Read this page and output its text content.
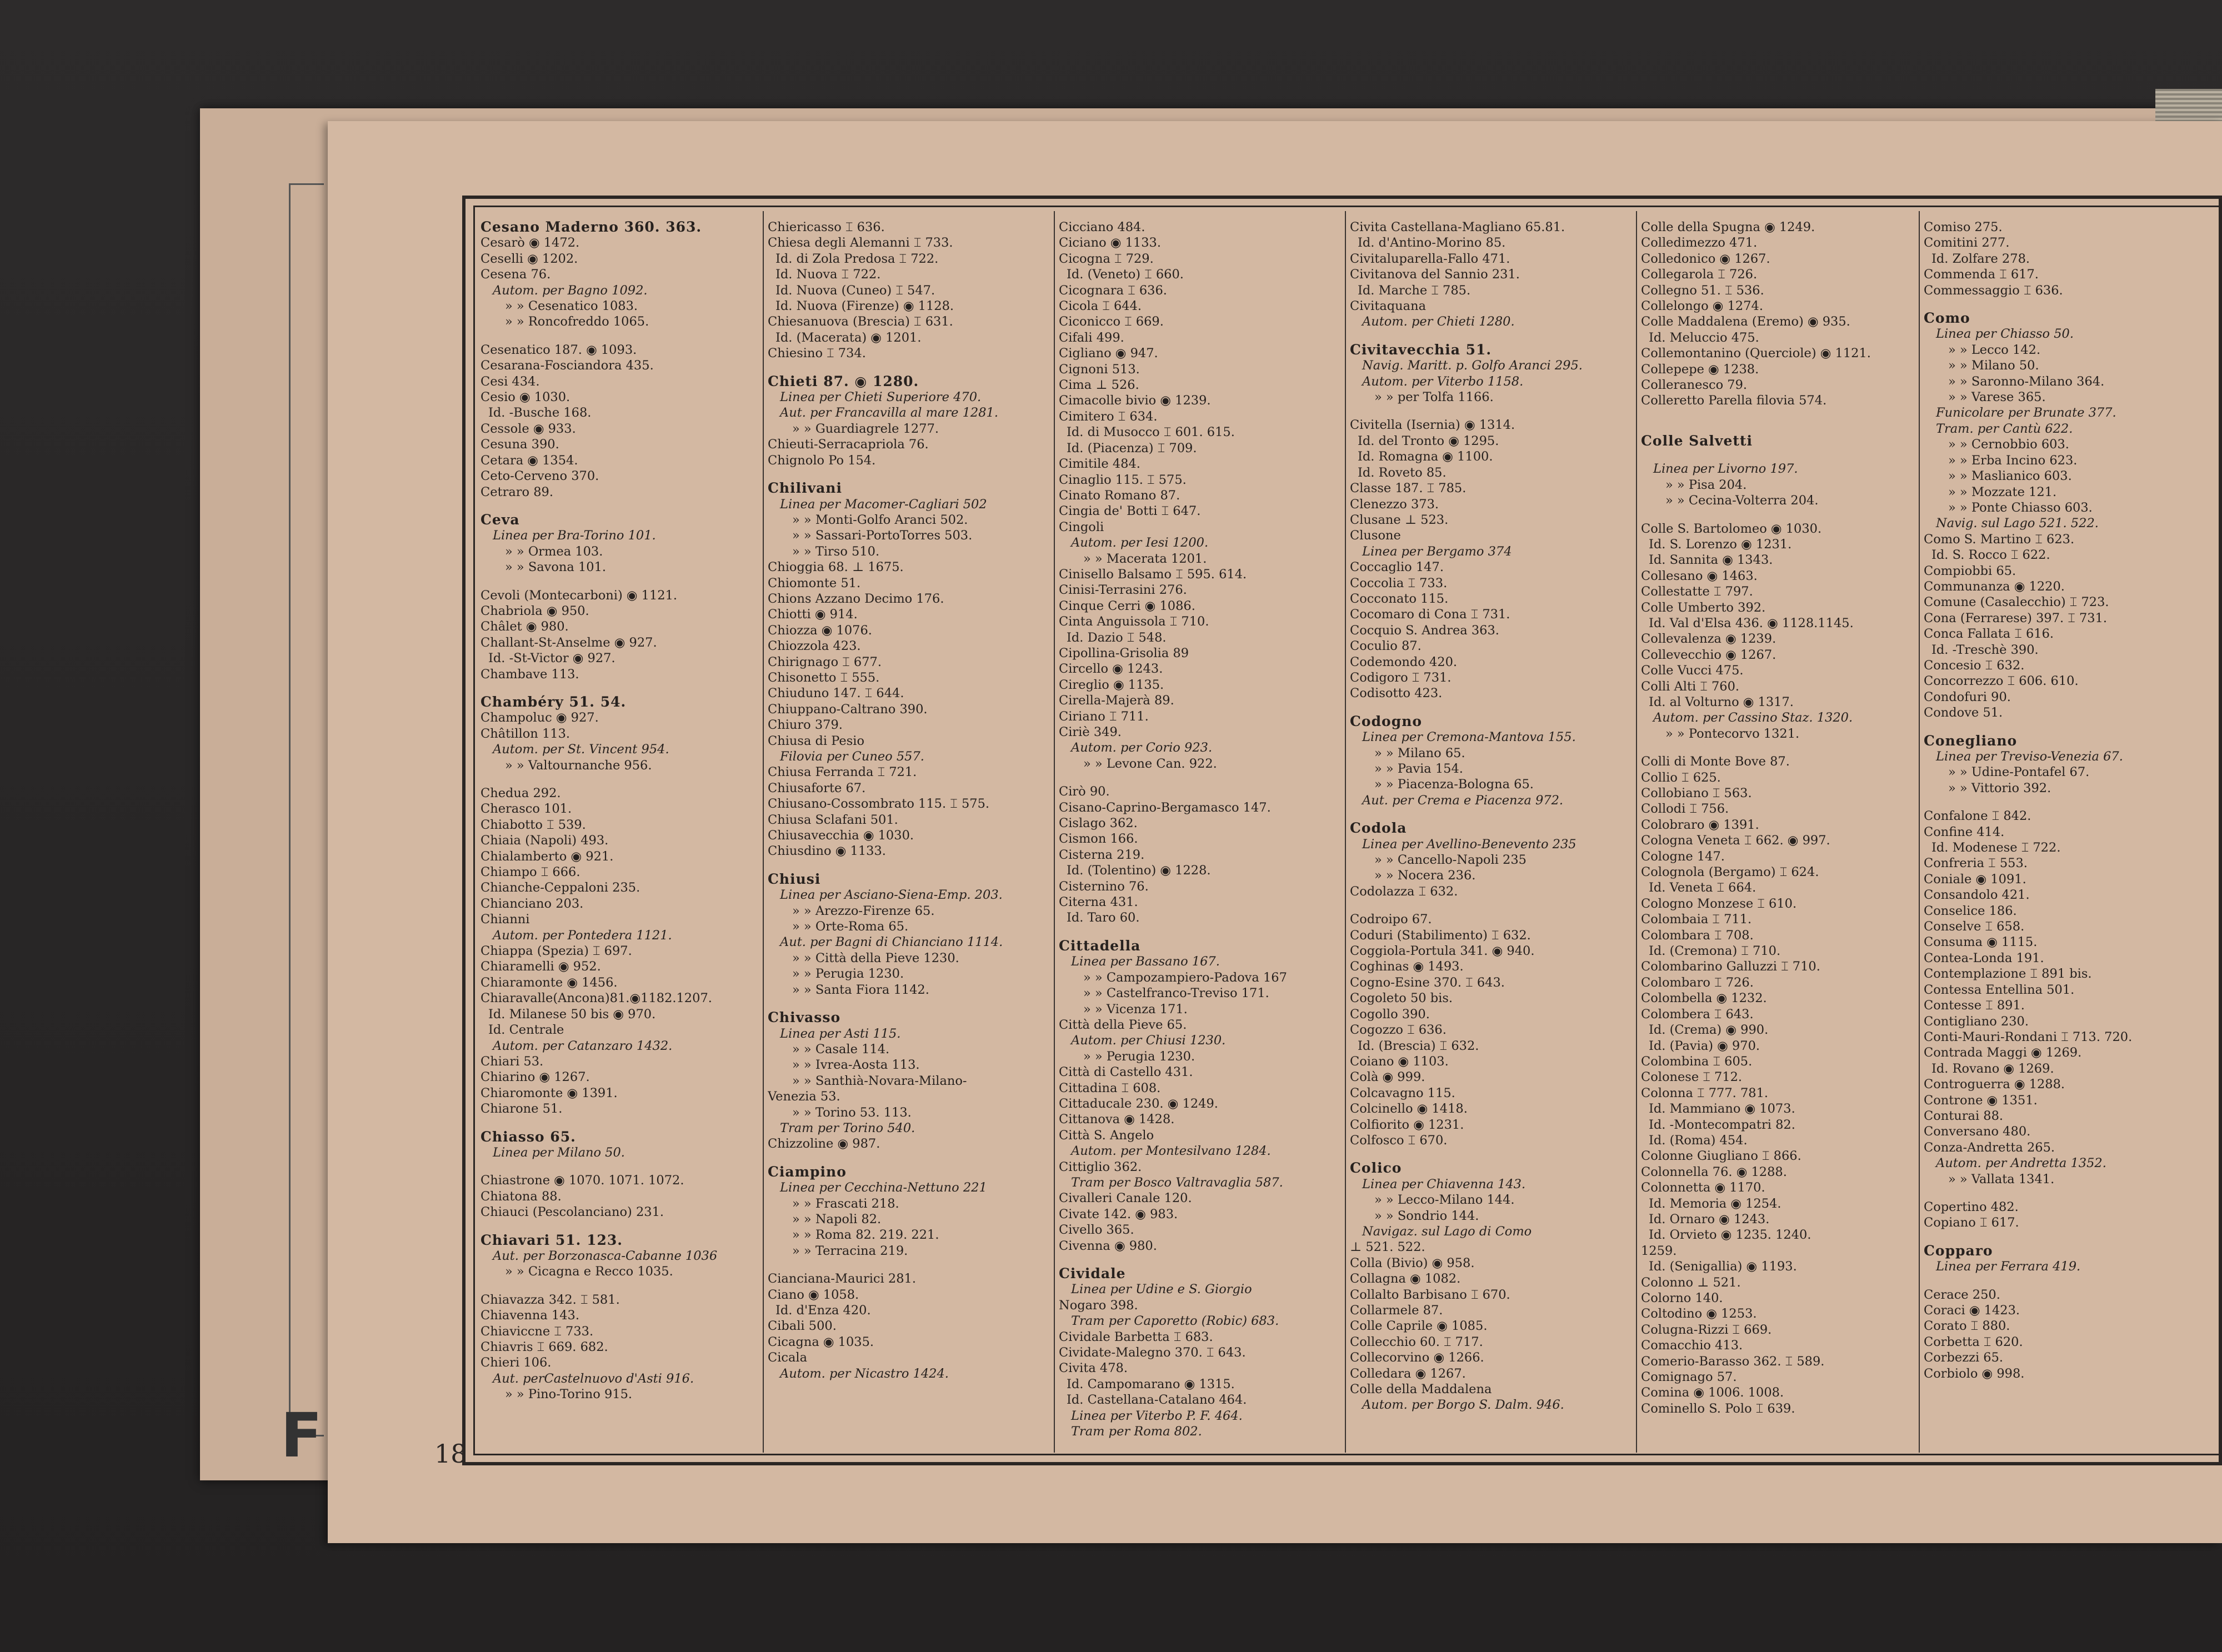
F
Cesano Maderno 360. 363.
Cesarò ◉ 1472.
Ceselli ◉ 1202.
Cesena 76.
Autom. per Bagno 1092.
» » Cesenatico 1083.
» » Roncofreddo 1065.
Cesenatico 187. ◉ 1093.
Cesarana-Fosciandora 435.
Cesi 434.
Cesio ◉ 1030.
Id. -Busche 168.
Cessole ◉ 933.
Cesuna 390.
Cetara ◉ 1354.
Ceto-Cerveno 370.
Cetraro 89.
Ceva
Linea per Bra-Torino 101.
» » Ormea 103.
» » Savona 101.
Cevoli (Montecarboni) ◉ 1121.
Chabriola ◉ 950.
Châlet ◉ 980.
Challant-St-Anselme ◉ 927.
Id. -St-Victor ◉ 927.
Chambave 113.
Chambéry 51. 54.
Champoluc ◉ 927.
Châtillon 113.
Autom. per St. Vincent 954.
» » Valtournanche 956.
Chedua 292.
Cherasco 101.
Chiabotto ⌶ 539.
Chiaia (Napoli) 493.
Chialamberto ◉ 921.
Chiampo ⌶ 666.
Chianche-Ceppaloni 235.
Chianciano 203.
Chianni
Autom. per Pontedera 1121.
Chiappa (Spezia) ⌶ 697.
Chiaramelli ◉ 952.
Chiaramonte ◉ 1456.
Chiaravalle(Ancona)81.◉1182.1207.
Id. Milanese 50 bis ◉ 970.
Id. Centrale
Autom. per Catanzaro 1432.
Chiari 53.
Chiarino ◉ 1267.
Chiaromonte ◉ 1391.
Chiarone 51.
Chiasso 65.
Linea per Milano 50.
Chiastrone ◉ 1070. 1071. 1072.
Chiatona 88.
Chiauci (Pescolanciano) 231.
Chiavari 51. 123.
Aut. per Borzonasca-Cabanne 1036
» » Cicagna e Recco 1035.
Chiavazza 342. ⌶ 581.
Chiavenna 143.
Chiaviccne ⌶ 733.
Chiavris ⌶ 669. 682.
Chieri 106.
Aut. perCastelnuovo d'Asti 916.
» » Pino-Torino 915.
Chiericasso ⌶ 636.
Chiesa degli Alemanni ⌶ 733.
Id. di Zola Predosa ⌶ 722.
Id. Nuova ⌶ 722.
Id. Nuova (Cuneo) ⌶ 547.
Id. Nuova (Firenze) ◉ 1128.
Chiesanuova (Brescia) ⌶ 631.
Id. (Macerata) ◉ 1201.
Chiesino ⌶ 734.
Chieti 87. ◉ 1280.
Linea per Chieti Superiore 470.
Aut. per Francavilla al mare 1281.
» » Guardiagrele 1277.
Chieuti-Serracapriola 76.
Chignolo Po 154.
Chilivani
Linea per Macomer-Cagliari 502
» » Monti-Golfo Aranci 502.
» » Sassari-PortoTorres 503.
» » Tirso 510.
Chioggia 68. ⊥ 1675.
Chiomonte 51.
Chions Azzano Decimo 176.
Chiotti ◉ 914.
Chiozza ◉ 1076.
Chiozzola 423.
Chirignago ⌶ 677.
Chisonetto ⌶ 555.
Chiuduno 147. ⌶ 644.
Chiuppano-Caltrano 390.
Chiuro 379.
Chiusa di Pesio
Filovia per Cuneo 557.
Chiusa Ferranda ⌶ 721.
Chiusaforte 67.
Chiusano-Cossombrato 115. ⌶ 575.
Chiusa Sclafani 501.
Chiusavecchia ◉ 1030.
Chiusdino ◉ 1133.
Chiusi
Linea per Asciano-Siena-Emp. 203.
» » Arezzo-Firenze 65.
» » Orte-Roma 65.
Aut. per Bagni di Chianciano 1114.
» » Città della Pieve 1230.
» » Perugia 1230.
» » Santa Fiora 1142.
Chivasso
Linea per Asti 115.
» » Casale 114.
» » Ivrea-Aosta 113.
» » Santhià-Novara-Milano-
Venezia 53.
» » Torino 53. 113.
Tram per Torino 540.
Chizzoline ◉ 987.
Ciampino
Linea per Cecchina-Nettuno 221
» » Frascati 218.
» » Napoli 82.
» » Roma 82. 219. 221.
» » Terracina 219.
Cianciana-Maurici 281.
Ciano ◉ 1058.
Id. d'Enza 420.
Cibali 500.
Cicagna ◉ 1035.
Cicala
Autom. per Nicastro 1424.
Cicciano 484.
Ciciano ◉ 1133.
Cicogna ⌶ 729.
Id. (Veneto) ⌶ 660.
Cicognara ⌶ 636.
Cicola ⌶ 644.
Ciconicco ⌶ 669.
Cifali 499.
Cigliano ◉ 947.
Cignoni 513.
Cima ⊥ 526.
Cimacolle bivio ◉ 1239.
Cimitero ⌶ 634.
Id. di Musocco ⌶ 601. 615.
Id. (Piacenza) ⌶ 709.
Cimitile 484.
Cinaglio 115. ⌶ 575.
Cinato Romano 87.
Cingia de' Botti ⌶ 647.
Cingoli
Autom. per Iesi 1200.
» » Macerata 1201.
Cinisello Balsamo ⌶ 595. 614.
Cinisi-Terrasini 276.
Cinque Cerri ◉ 1086.
Cinta Anguissola ⌶ 710.
Id. Dazio ⌶ 548.
Cipollina-Grisolia 89
Circello ◉ 1243.
Cireglio ◉ 1135.
Cirella-Majerà 89.
Ciriano ⌶ 711.
Ciriè 349.
Autom. per Corio 923.
» » Levone Can. 922.
Cirò 90.
Cisano-Caprino-Bergamasco 147.
Cislago 362.
Cismon 166.
Cisterna 219.
Id. (Tolentino) ◉ 1228.
Cisternino 76.
Citerna 431.
Id. Taro 60.
Cittadella
Linea per Bassano 167.
» » Campozampiero-Padova 167
» » Castelfranco-Treviso 171.
» » Vicenza 171.
Città della Pieve 65.
Autom. per Chiusi 1230.
» » Perugia 1230.
Città di Castello 431.
Cittadina ⌶ 608.
Cittaducale 230. ◉ 1249.
Cittanova ◉ 1428.
Città S. Angelo
Autom. per Montesilvano 1284.
Cittiglio 362.
Tram per Bosco Valtravaglia 587.
Civalleri Canale 120.
Civate 142. ◉ 983.
Civello 365.
Civenna ◉ 980.
Cividale
Linea per Udine e S. Giorgio
Nogaro 398.
Tram per Caporetto (Robic) 683.
Cividale Barbetta ⌶ 683.
Cividate-Malegno 370. ⌶ 643.
Civita 478.
Id. Campomarano ◉ 1315.
Id. Castellana-Catalano 464.
Linea per Viterbo P. F. 464.
Tram per Roma 802.
Civita Castellana-Magliano 65.81.
Id. d'Antino-Morino 85.
Civitaluparella-Fallo 471.
Civitanova del Sannio 231.
Id. Marche ⌶ 785.
Civitaquana
Autom. per Chieti 1280.
Civitavecchia 51.
Navig. Maritt. p. Golfo Aranci 295.
Autom. per Viterbo 1158.
» » per Tolfa 1166.
Civitella (Isernia) ◉ 1314.
Id. del Tronto ◉ 1295.
Id. Romagna ◉ 1100.
Id. Roveto 85.
Classe 187. ⌶ 785.
Clenezzo 373.
Clusane ⊥ 523.
Clusone
Linea per Bergamo 374
Coccaglio 147.
Coccolia ⌶ 733.
Cocconato 115.
Cocomaro di Cona ⌶ 731.
Cocquio S. Andrea 363.
Coculio 87.
Codemondo 420.
Codigoro ⌶ 731.
Codisotto 423.
Codogno
Linea per Cremona-Mantova 155.
» » Milano 65.
» » Pavia 154.
» » Piacenza-Bologna 65.
Aut. per Crema e Piacenza 972.
Codola
Linea per Avellino-Benevento 235
» » Cancello-Napoli 235
» » Nocera 236.
Codolazza ⌶ 632.
Codroipo 67.
Coduri (Stabilimento) ⌶ 632.
Coggiola-Portula 341. ◉ 940.
Coghinas ◉ 1493.
Cogno-Esine 370. ⌶ 643.
Cogoleto 50 bis.
Cogollo 390.
Cogozzo ⌶ 636.
Id. (Brescia) ⌶ 632.
Coiano ◉ 1103.
Colà ◉ 999.
Colcavagno 115.
Colcinello ◉ 1418.
Colfiorito ◉ 1231.
Colfosco ⌶ 670.
Colico
Linea per Chiavenna 143.
» » Lecco-Milano 144.
» » Sondrio 144.
Navigaz. sul Lago di Como
⊥ 521. 522.
Colla (Bivio) ◉ 958.
Collagna ◉ 1082.
Collalto Barbisano ⌶ 670.
Collarmele 87.
Colle Caprile ◉ 1085.
Collecchio 60. ⌶ 717.
Collecorvino ◉ 1266.
Colledara ◉ 1267.
Colle della Maddalena
Autom. per Borgo S. Dalm. 946.
Colle della Spugna ◉ 1249.
Colledimezzo 471.
Colledonico ◉ 1267.
Collegarola ⌶ 726.
Collegno 51. ⌶ 536.
Collelongo ◉ 1274.
Colle Maddalena (Eremo) ◉ 935.
Id. Meluccio 475.
Collemontanino (Querciole) ◉ 1121.
Collepepe ◉ 1238.
Colleranesco 79.
Colleretto Parella filovia 574.
Colle Salvetti
Linea per Livorno 197.
» » Pisa 204.
» » Cecina-Volterra 204.
Colle S. Bartolomeo ◉ 1030.
Id. S. Lorenzo ◉ 1231.
Id. Sannita ◉ 1343.
Collesano ◉ 1463.
Collestatte ⌶ 797.
Colle Umberto 392.
Id. Val d'Elsa 436. ◉ 1128.1145.
Collevalenza ◉ 1239.
Collevecchio ◉ 1267.
Colle Vucci 475.
Colli Alti ⌶ 760.
Id. al Volturno ◉ 1317.
Autom. per Cassino Staz. 1320.
» » Pontecorvo 1321.
Colli di Monte Bove 87.
Collio ⌶ 625.
Collobiano ⌶ 563.
Collodi ⌶ 756.
Colobraro ◉ 1391.
Cologna Veneta ⌶ 662. ◉ 997.
Cologne 147.
Colognola (Bergamo) ⌶ 624.
Id. Veneta ⌶ 664.
Cologno Monzese ⌶ 610.
Colombaia ⌶ 711.
Colombara ⌶ 708.
Id. (Cremona) ⌶ 710.
Colombarino Galluzzi ⌶ 710.
Colombaro ⌶ 726.
Colombella ◉ 1232.
Colombera ⌶ 643.
Id. (Crema) ◉ 990.
Id. (Pavia) ◉ 970.
Colombina ⌶ 605.
Colonese ⌶ 712.
Colonna ⌶ 777. 781.
Id. Mammiano ◉ 1073.
Id. -Montecompatri 82.
Id. (Roma) 454.
Colonne Giugliano ⌶ 866.
Colonnella 76. ◉ 1288.
Colonnetta ◉ 1170.
Id. Memoria ◉ 1254.
Id. Ornaro ◉ 1243.
Id. Orvieto ◉ 1235. 1240.
1259.
Id. (Senigallia) ◉ 1193.
Colonno ⊥ 521.
Colorno 140.
Coltodino ◉ 1253.
Colugna-Rizzi ⌶ 669.
Comacchio 413.
Comerio-Barasso 362. ⌶ 589.
Comignago 57.
Comina ◉ 1006. 1008.
Cominello S. Polo ⌶ 639.
Comiso 275.
Comitini 277.
Id. Zolfare 278.
Commenda ⌶ 617.
Commessaggio ⌶ 636.
Como
Linea per Chiasso 50.
» » Lecco 142.
» » Milano 50.
» » Saronno-Milano 364.
» » Varese 365.
Funicolare per Brunate 377.
Tram. per Cantù 622.
» » Cernobbio 603.
» » Erba Incino 623.
» » Maslianico 603.
» » Mozzate 121.
» » Ponte Chiasso 603.
Navig. sul Lago 521. 522.
Como S. Martino ⌶ 623.
Id. S. Rocco ⌶ 622.
Compiobbi 65.
Communanza ◉ 1220.
Comune (Casalecchio) ⌶ 723.
Cona (Ferrarese) 397. ⌶ 731.
Conca Fallata ⌶ 616.
Id. -Treschè 390.
Concesio ⌶ 632.
Concorrezzo ⌶ 606. 610.
Condofuri 90.
Condove 51.
Conegliano
Linea per Treviso-Venezia 67.
» » Udine-Pontafel 67.
» » Vittorio 392.
Confalone ⌶ 842.
Confine 414.
Id. Modenese ⌶ 722.
Confreria ⌶ 553.
Coniale ◉ 1091.
Consandolo 421.
Conselice 186.
Conselve ⌶ 658.
Consuma ◉ 1115.
Contea-Londa 191.
Contemplazione ⌶ 891 bis.
Contessa Entellina 501.
Contesse ⌶ 891.
Contigliano 230.
Conti-Mauri-Rondani ⌶ 713. 720.
Contrada Maggi ◉ 1269.
Id. Rovano ◉ 1269.
Controguerra ◉ 1288.
Controne ◉ 1351.
Conturai 88.
Conversano 480.
Conza-Andretta 265.
Autom. per Andretta 1352.
» » Vallata 1341.
Copertino 482.
Copiano ⌶ 617.
Copparo
Linea per Ferrara 419.
Cerace 250.
Coraci ◉ 1423.
Corato ⌶ 880.
Corbetta ⌶ 620.
Corbezzi 65.
Corbiolo ◉ 998.
18
